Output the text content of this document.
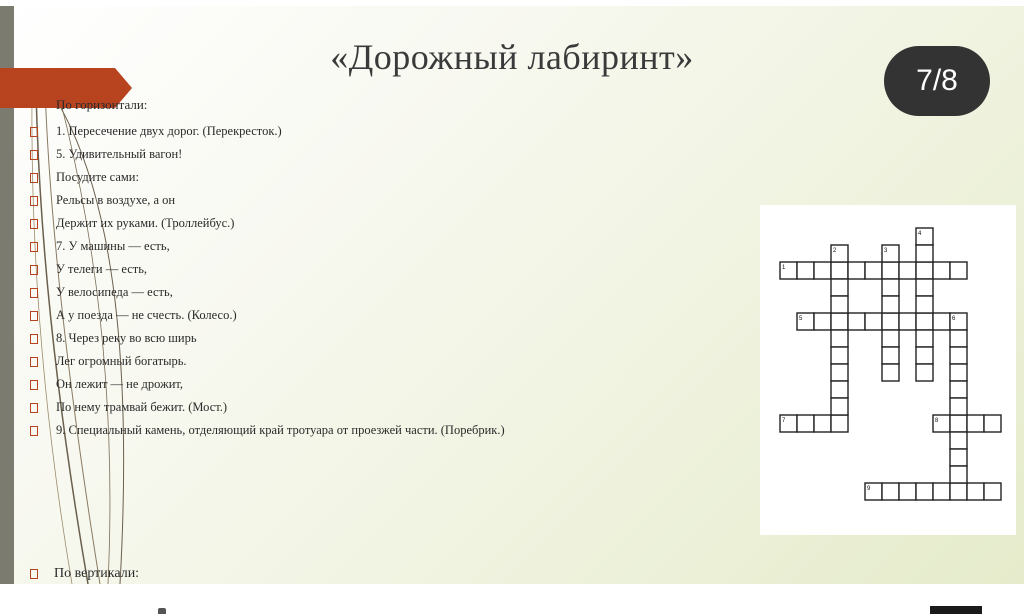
«Дорожный лабиринт»
7/8
По горизонтали:
1. Пересечение двух дорог. (Перекресток.)
5. Удивительный вагон!
Посудите сами:
Рельсы в воздухе, а он
Держит их руками. (Троллейбус.)
7. У машины — есть,
У телеги — есть,
У велосипеда — есть,
А у поезда — не счесть. (Колесо.)
8. Через реку во всю ширь
Лег огромный богатырь.
Он лежит — не дрожит,
По нему трамвай бежит. (Мост.)
9. Специальный камень, отделяющий край тротуара от проезжей части. (Поребрик.)
По вертикали:
1
5	6
7	8
9
2	3
4
